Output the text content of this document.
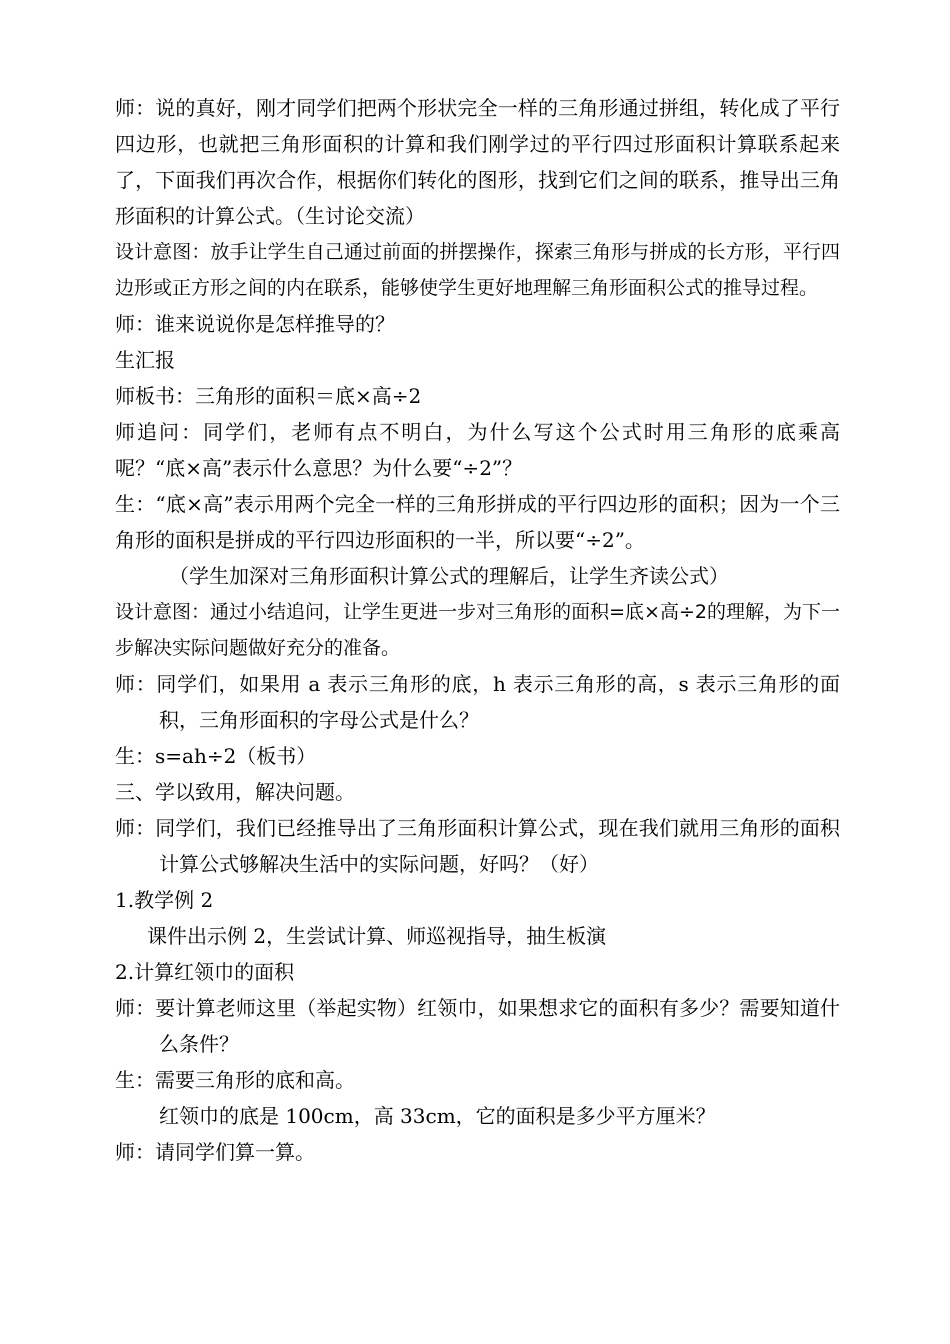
师：说的真好，刚才同学们把两个形状完全一样的三角形通过拼组，转化成了平行四边形，也就把三角形面积的计算和我们刚学过的平行四过形面积计算联系起来了，下面我们再次合作，根据你们转化的图形，找到它们之间的联系，推导出三角形面积的计算公式。（生讨论交流）

设计意图：放手让学生自己通过前面的拼摆操作，探索三角形与拼成的长方形，平行四边形或正方形之间的内在联系，能够使学生更好地理解三角形面积公式的推导过程。

师：谁来说说你是怎样推导的？

生汇报

师板书：三角形的面积＝底×高÷2

师追问：同学们，老师有点不明白，为什么写这个公式时用三角形的底乘高呢？“底×高”表示什么意思？为什么要“÷2”？

生：“底×高”表示用两个完全一样的三角形拼成的平行四边形的面积；因为一个三角形的面积是拼成的平行四边形面积的一半，所以要“÷2”。

（学生加深对三角形面积计算公式的理解后，让学生齐读公式）

设计意图：通过小结追问，让学生更进一步对三角形的面积=底×高÷2的理解，为下一步解决实际问题做好充分的准备。

师：同学们，如果用 a 表示三角形的底，h 表示三角形的高，s 表示三角形的面积，三角形面积的字母公式是什么？

生：s=ah÷2（板书）

三、学以致用，解决问题。

师：同学们，我们已经推导出了三角形面积计算公式，现在我们就用三角形的面积计算公式够解决生活中的实际问题，好吗？（好）

1.教学例 2

课件出示例 2，生尝试计算、师巡视指导，抽生板演

2.计算红领巾的面积

师：要计算老师这里（举起实物）红领巾，如果想求它的面积有多少？需要知道什么条件？

生：需要三角形的底和高。

红领巾的底是 100cm，高 33cm，它的面积是多少平方厘米？

师：请同学们算一算。
